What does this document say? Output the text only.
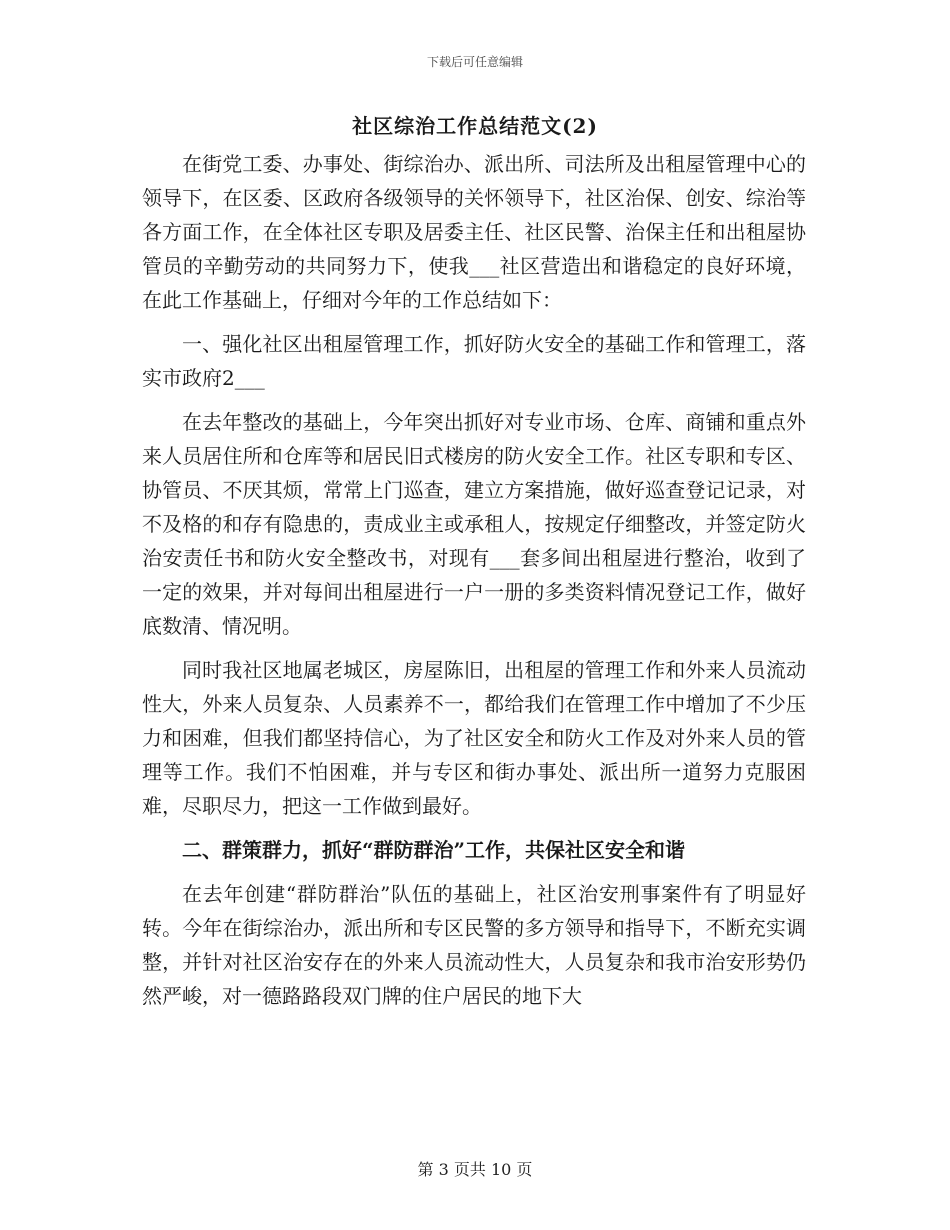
下载后可任意编辑
社区综治工作总结范文(2)

在街党工委、办事处、街综治办、派出所、司法所及出租屋管理中心的领导下，在区委、区政府各级领导的关怀领导下，社区治保、创安、综治等各方面工作，在全体社区专职及居委主任、社区民警、治保主任和出租屋协管员的辛勤劳动的共同努力下，使我___社区营造出和谐稳定的良好环境，在此工作基础上，仔细对今年的工作总结如下：

一、强化社区出租屋管理工作，抓好防火安全的基础工作和管理工，落实市政府2___

在去年整改的基础上，今年突出抓好对专业市场、仓库、商铺和重点外来人员居住所和仓库等和居民旧式楼房的防火安全工作。社区专职和专区、协管员、不厌其烦，常常上门巡查，建立方案措施，做好巡查登记记录，对不及格的和存有隐患的，责成业主或承租人，按规定仔细整改，并签定防火治安责任书和防火安全整改书，对现有___套多间出租屋进行整治，收到了一定的效果，并对每间出租屋进行一户一册的多类资料情况登记工作，做好底数清、情况明。

同时我社区地属老城区，房屋陈旧，出租屋的管理工作和外来人员流动性大，外来人员复杂、人员素养不一，都给我们在管理工作中增加了不少压力和困难，但我们都坚持信心，为了社区安全和防火工作及对外来人员的管理等工作。我们不怕困难，并与专区和街办事处、派出所一道努力克服困难，尽职尽力，把这一工作做到最好。

二、群策群力，抓好“群防群治”工作，共保社区安全和谐

在去年创建“群防群治”队伍的基础上，社区治安刑事案件有了明显好转。今年在街综治办，派出所和专区民警的多方领导和指导下，不断充实调整，并针对社区治安存在的外来人员流动性大，人员复杂和我市治安形势仍然严峻，对一德路路段双门牌的住户居民的地下大

第 3 页共 10 页
